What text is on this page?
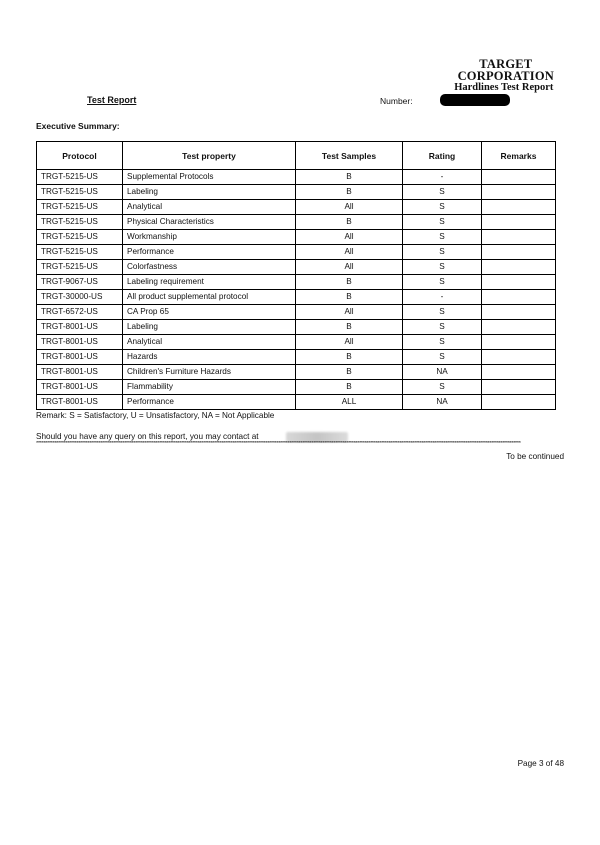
TARGET
CORPORATION
Hardlines Test Report
Test Report	Number:
Executive Summary:
Protocol	Test property	Test Samples	Rating	Remarks
TRGT-5215-US	Supplemental Protocols	B	-	
TRGT-5215-US	Labeling	B	S	
TRGT-5215-US	Analytical	All	S	
TRGT-5215-US	Physical Characteristics	B	S	
TRGT-5215-US	Workmanship	All	S	
TRGT-5215-US	Performance	All	S	
TRGT-5215-US	Colorfastness	All	S	
TRGT-9067-US	Labeling requirement	B	S	
TRGT-30000-US	All product supplemental protocol	B	-	
TRGT-6572-US	CA Prop 65	All	S	
TRGT-8001-US	Labeling	B	S	
TRGT-8001-US	Analytical	All	S	
TRGT-8001-US	Hazards	B	S	
TRGT-8001-US	Children's Furniture Hazards	B	NA	
TRGT-8001-US	Flammability	B	S	
TRGT-8001-US	Performance	ALL	NA	
Remark: S = Satisfactory, U = Unsatisfactory, NA = Not Applicable
Should you have any query on this report, you may contact at
************************************************************************************************************************************************************************************************************************************************************************
To be continued
Page 3 of 48
